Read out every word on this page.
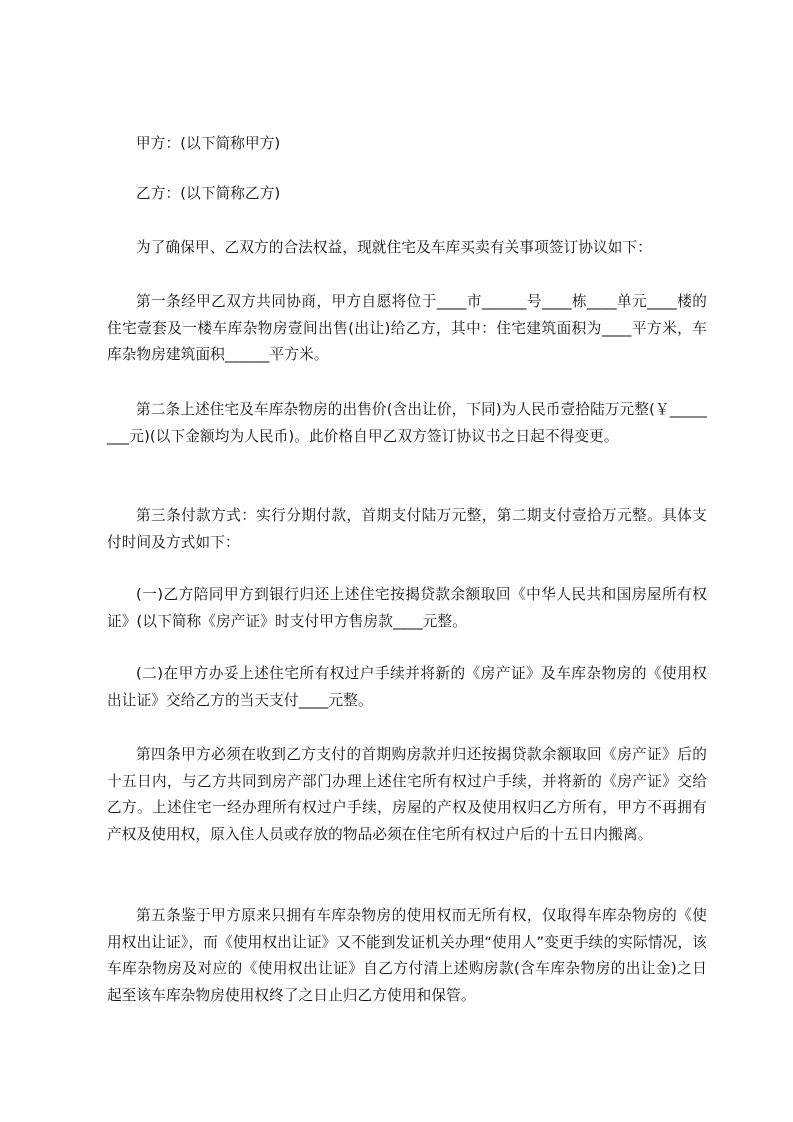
甲方：(以下简称甲方)

乙方：(以下简称乙方)

为了确保甲、乙双方的合法权益，现就住宅及车库买卖有关事项签订协议如下：

第一条经甲乙双方共同协商，甲方自愿将位于____市______号____栋____单元____楼的住宅壹套及一楼车库杂物房壹间出售(出让)给乙方，其中：住宅建筑面积为____平方米，车库杂物房建筑面积______平方米。

第二条上述住宅及车库杂物房的出售价(含出让价，下同)为人民币壹拾陆万元整(￥________元)(以下金额均为人民币)。此价格自甲乙双方签订协议书之日起不得变更。

第三条付款方式：实行分期付款，首期支付陆万元整，第二期支付壹拾万元整。具体支付时间及方式如下：

(一)乙方陪同甲方到银行归还上述住宅按揭贷款余额取回《中华人民共和国房屋所有权证》(以下简称《房产证》时支付甲方售房款____元整。

(二)在甲方办妥上述住宅所有权过户手续并将新的《房产证》及车库杂物房的《使用权出让证》交给乙方的当天支付____元整。

第四条甲方必须在收到乙方支付的首期购房款并归还按揭贷款余额取回《房产证》后的十五日内，与乙方共同到房产部门办理上述住宅所有权过户手续，并将新的《房产证》交给乙方。上述住宅一经办理所有权过户手续，房屋的产权及使用权归乙方所有，甲方不再拥有产权及使用权，原入住人员或存放的物品必须在住宅所有权过户后的十五日内搬离。

第五条鉴于甲方原来只拥有车库杂物房的使用权而无所有权，仅取得车库杂物房的《使用权出让证》，而《使用权出让证》又不能到发证机关办理“使用人”变更手续的实际情况，该车库杂物房及对应的《使用权出让证》自乙方付清上述购房款(含车库杂物房的出让金)之日起至该车库杂物房使用权终了之日止归乙方使用和保管。
